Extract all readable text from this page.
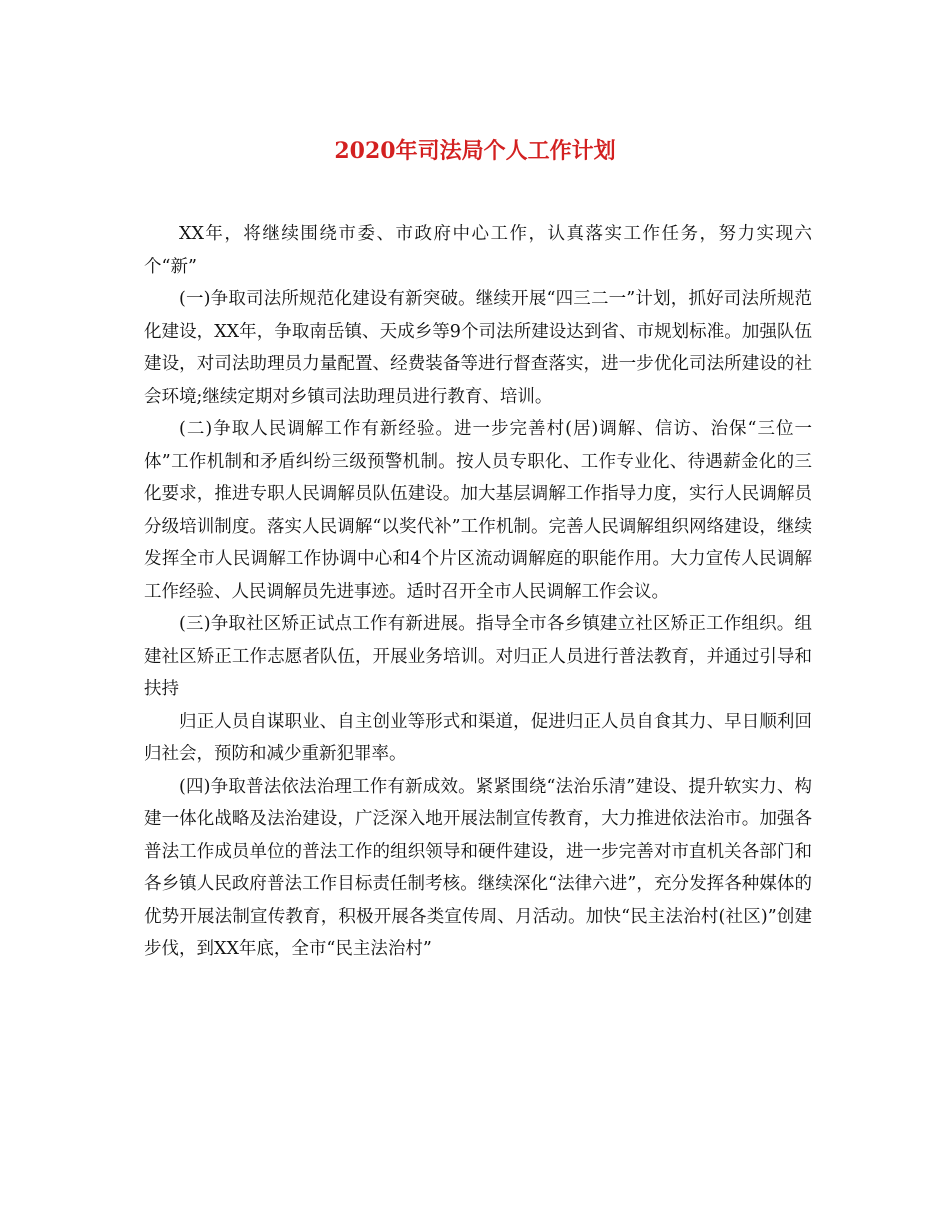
2020年司法局个人工作计划

XX年，将继续围绕市委、市政府中心工作，认真落实工作任务，努力实现六个“新”

(一)争取司法所规范化建设有新突破。继续开展“四三二一”计划，抓好司法所规范化建设，XX年，争取南岳镇、天成乡等9个司法所建设达到省、市规划标准。加强队伍建设，对司法助理员力量配置、经费装备等进行督查落实，进一步优化司法所建设的社会环境;继续定期对乡镇司法助理员进行教育、培训。

(二)争取人民调解工作有新经验。进一步完善村(居)调解、信访、治保“三位一体”工作机制和矛盾纠纷三级预警机制。按人员专职化、工作专业化、待遇薪金化的三化要求，推进专职人民调解员队伍建设。加大基层调解工作指导力度，实行人民调解员分级培训制度。落实人民调解“以奖代补”工作机制。完善人民调解组织网络建设，继续发挥全市人民调解工作协调中心和4个片区流动调解庭的职能作用。大力宣传人民调解工作经验、人民调解员先进事迹。适时召开全市人民调解工作会议。

(三)争取社区矫正试点工作有新进展。指导全市各乡镇建立社区矫正工作组织。组建社区矫正工作志愿者队伍，开展业务培训。对归正人员进行普法教育，并通过引导和扶持

归正人员自谋职业、自主创业等形式和渠道，促进归正人员自食其力、早日顺利回归社会，预防和减少重新犯罪率。

(四)争取普法依法治理工作有新成效。紧紧围绕“法治乐清”建设、提升软实力、构建一体化战略及法治建设，广泛深入地开展法制宣传教育，大力推进依法治市。加强各普法工作成员单位的普法工作的组织领导和硬件建设，进一步完善对市直机关各部门和各乡镇人民政府普法工作目标责任制考核。继续深化“法律六进”，充分发挥各种媒体的优势开展法制宣传教育，积极开展各类宣传周、月活动。加快“民主法治村(社区)”创建步伐，到XX年底，全市“民主法治村”
